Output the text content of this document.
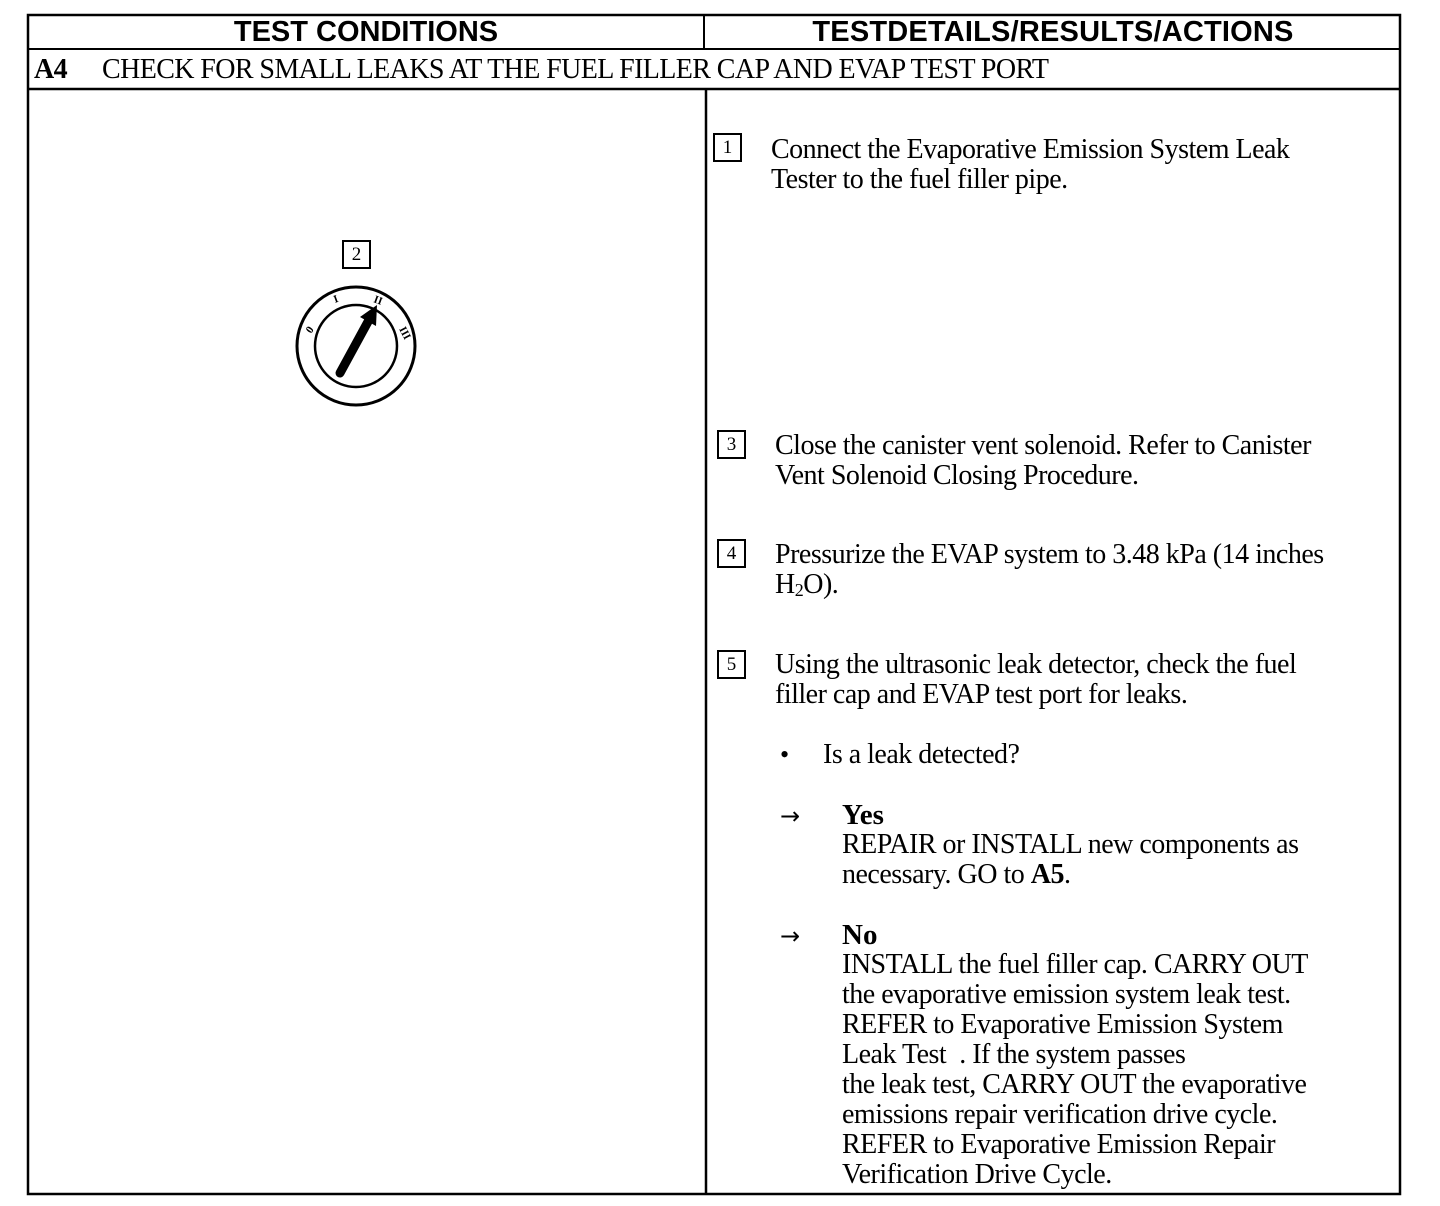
TEST CONDITIONS	TESTDETAILS/RESULTS/ACTIONS
A4 CHECK FOR SMALL LEAKS AT THE FUEL FILLER CAP AND EVAP TEST PORT
2
0
I	II
III
1	Connect the Evaporative Emission System Leak
Tester to the fuel filler pipe.
3	Close the canister vent solenoid. Refer to Canister
Vent Solenoid Closing Procedure.
4	Pressurize the EVAP system to 3.48 kPa (14 inches
$H_2O$).
5	Using the ultrasonic leak detector, check the fuel
filler cap and EVAP test port for leaks.
• Is a leak detected?
→ Yes
REPAIR or INSTALL new components as
necessary. GO to A5.
→ No
INSTALL the fuel filler cap. CARRY OUT
the evaporative emission system leak test.
REFER to Evaporative Emission System
Leak Test  . If the system passes
the leak test, CARRY OUT the evaporative
emissions repair verification drive cycle.
REFER to Evaporative Emission Repair
Verification Drive Cycle.
